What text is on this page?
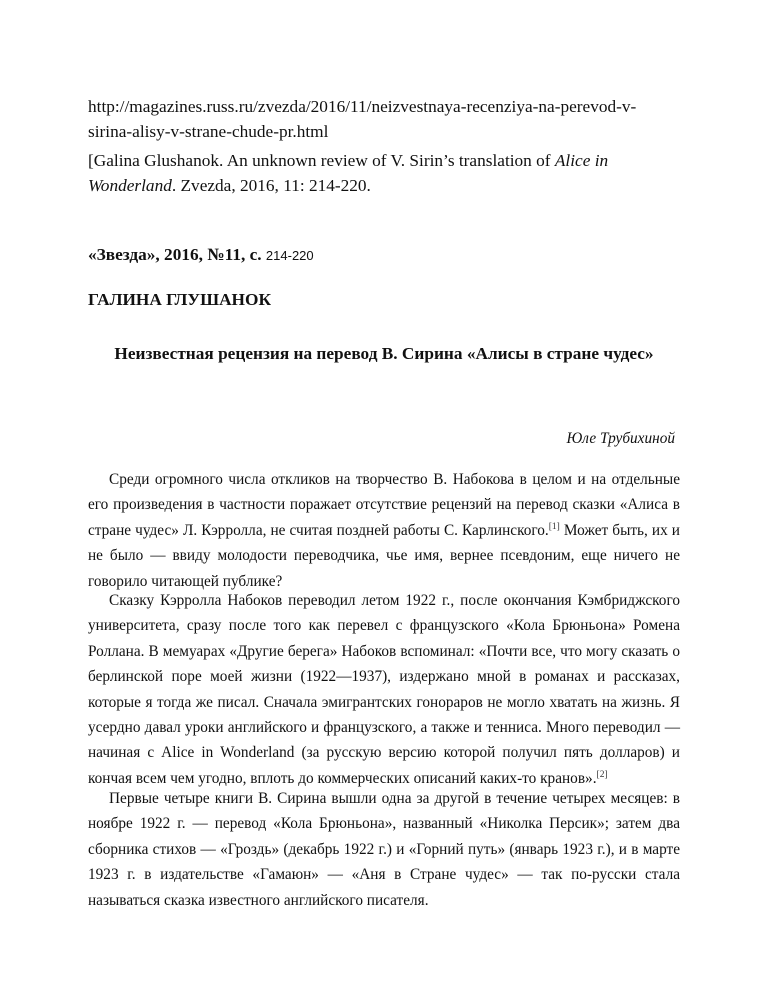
http://magazines.russ.ru/zvezda/2016/11/neizvestnaya-recenziya-na-perevod-v-
sirina-alisy-v-strane-chude-pr.html
[Galina Glushanok. An unknown review of V. Sirin’s translation of Alice in
Wonderland. Zvezda, 2016, 11: 214-220.
«Звезда», 2016, №11, с. 214-220
ГАЛИНА ГЛУШАНОК
Неизвестная рецензия на перевод В. Сирина «Алисы в стране чудес»
Юле Трубихиной

Среди огромного числа откликов на творчество В. Набокова в целом и на отдельные его произведения в частности поражает отсутствие рецензий на перевод сказки «Алиса в стране чудес» Л. Кэрролла, не считая поздней работы С. Карлинского.[1] Может быть, их и не было — ввиду молодости переводчика, чье имя, вернее псевдоним, еще ничего не говорило читающей публике?

Сказку Кэрролла Набоков переводил летом 1922 г., после окончания Кэмбриджского университета, сразу после того как перевел с французского «Кола Брюньона» Ромена Роллана. В мемуарах «Другие берега» Набоков вспоминал: «Почти все, что могу сказать о берлинской поре моей жизни (1922—1937), издержано мной в романах и рассказах, которые я тогда же писал. Сначала эмигрантских гонораров не могло хватать на жизнь. Я усердно давал уроки английского и французского, а также и тенниса. Много переводил — начиная с Alice in Wonderland (за русскую версию которой получил пять долларов) и кончая всем чем угодно, вплоть до коммерческих описаний каких-то кранов».[2]

Первые четыре книги В. Сирина вышли одна за другой в течение четырех месяцев: в ноябре 1922 г. — перевод «Кола Брюньона», названный «Николка Персик»; затем два сборника стихов — «Гроздь» (декабрь 1922 г.) и «Горний путь» (январь 1923 г.), и в марте 1923 г. в издательстве «Гамаюн» — «Аня в Стране чудес» — так по-русски стала называться сказка известного английского писателя.
